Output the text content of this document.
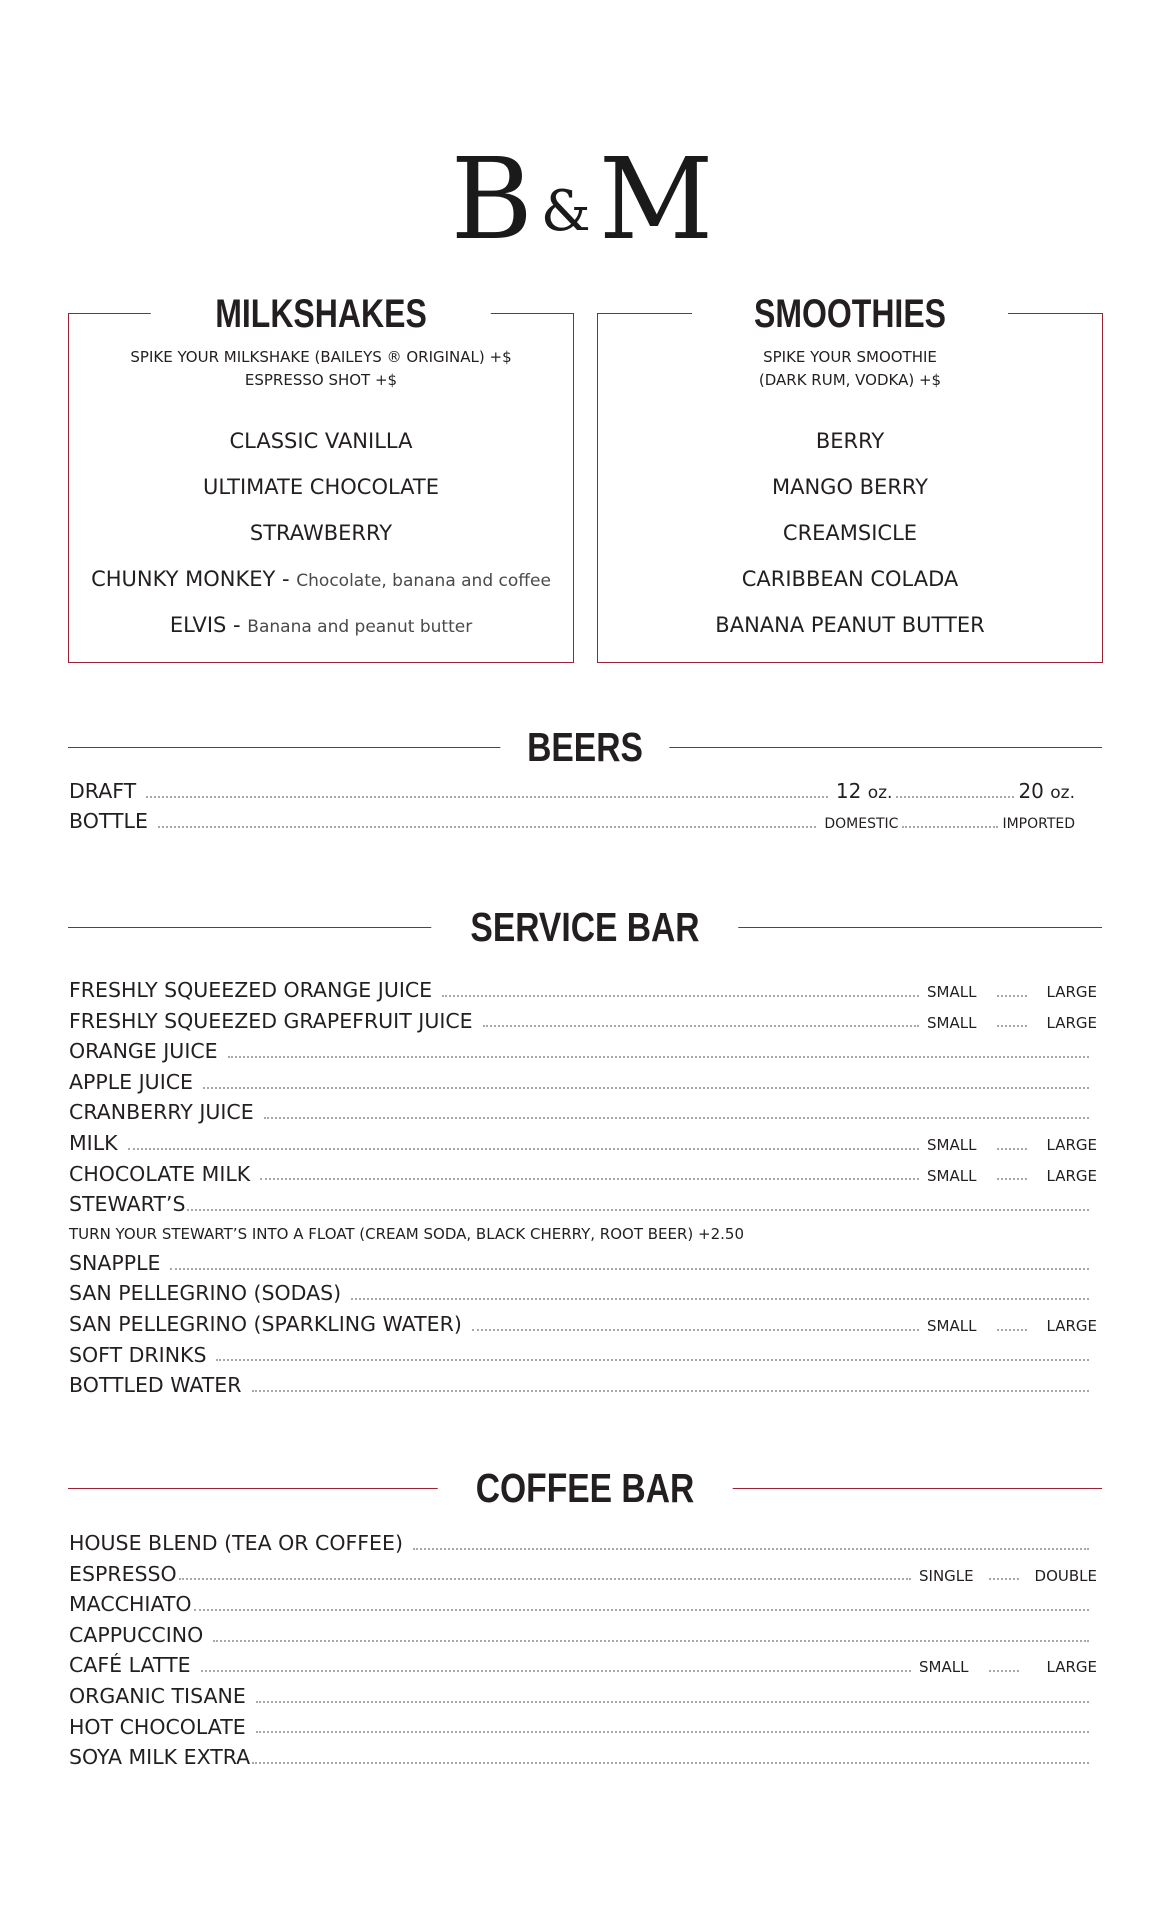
B &M
MILKSHAKES
SPIKE YOUR MILKSHAKE (BAILEYS ® ORIGINAL) +$
ESPRESSO SHOT +$
CLASSIC VANILLA
ULTIMATE CHOCOLATE
STRAWBERRY
CHUNKY MONKEY - Chocolate, banana and coffee
ELVIS - Banana and peanut butter
SMOOTHIES
SPIKE YOUR SMOOTHIE
(DARK RUM, VODKA) +$
BERRY
MANGO BERRY
CREAMSICLE
CARIBBEAN COLADA
BANANA PEANUT BUTTER
BEERS
DRAFT	12 oz.	20 oz.
BOTTLE	DOMESTIC	IMPORTED
SERVICE BAR
FRESHLY SQUEEZED ORANGE JUICE	SMALL	LARGE
FRESHLY SQUEEZED GRAPEFRUIT JUICE	SMALL	LARGE
ORANGE JUICE
APPLE JUICE
CRANBERRY JUICE
MILK	SMALL	LARGE
CHOCOLATE MILK	SMALL	LARGE
STEWART’S
TURN YOUR STEWART’S INTO A FLOAT (CREAM SODA, BLACK CHERRY, ROOT BEER) +2.50
SNAPPLE
SAN PELLEGRINO (SODAS)
SAN PELLEGRINO (SPARKLING WATER)	SMALL	LARGE
SOFT DRINKS
BOTTLED WATER
COFFEE BAR
HOUSE BLEND (TEA OR COFFEE)
ESPRESSO	SINGLE	DOUBLE
MACCHIATO
CAPPUCCINO
CAFÉ LATTE	SMALL	LARGE
ORGANIC TISANE
HOT CHOCOLATE
SOYA MILK EXTRA
